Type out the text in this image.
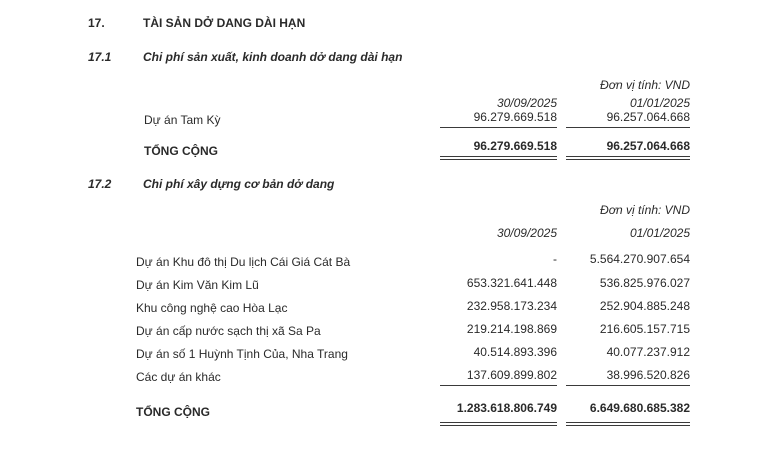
17.	TÀI SẢN DỞ DANG DÀI HẠN
17.1	Chi phí sản xuất, kinh doanh dở dang dài hạn
Đơn vị tính: VND
30/09/2025	01/01/2025
Dự án Tam Kỳ	96.279.669.518	96.257.064.668
TỔNG CỘNG	96.279.669.518	96.257.064.668
17.2	Chi phí xây dựng cơ bản dở dang
Đơn vị tính: VND
30/09/2025	01/01/2025
Dự án Khu đô thị Du lịch Cái Giá Cát Bà	-	5.564.270.907.654
Dự án Kim Văn Kim Lũ	653.321.641.448	536.825.976.027
Khu công nghệ cao Hòa Lạc	232.958.173.234	252.904.885.248
Dự án cấp nước sạch thị xã Sa Pa	219.214.198.869	216.605.157.715
Dự án số 1 Huỳnh Tịnh Của, Nha Trang	40.514.893.396	40.077.237.912
Các dự án khác	137.609.899.802	38.996.520.826
TỔNG CỘNG	1.283.618.806.749	6.649.680.685.382
